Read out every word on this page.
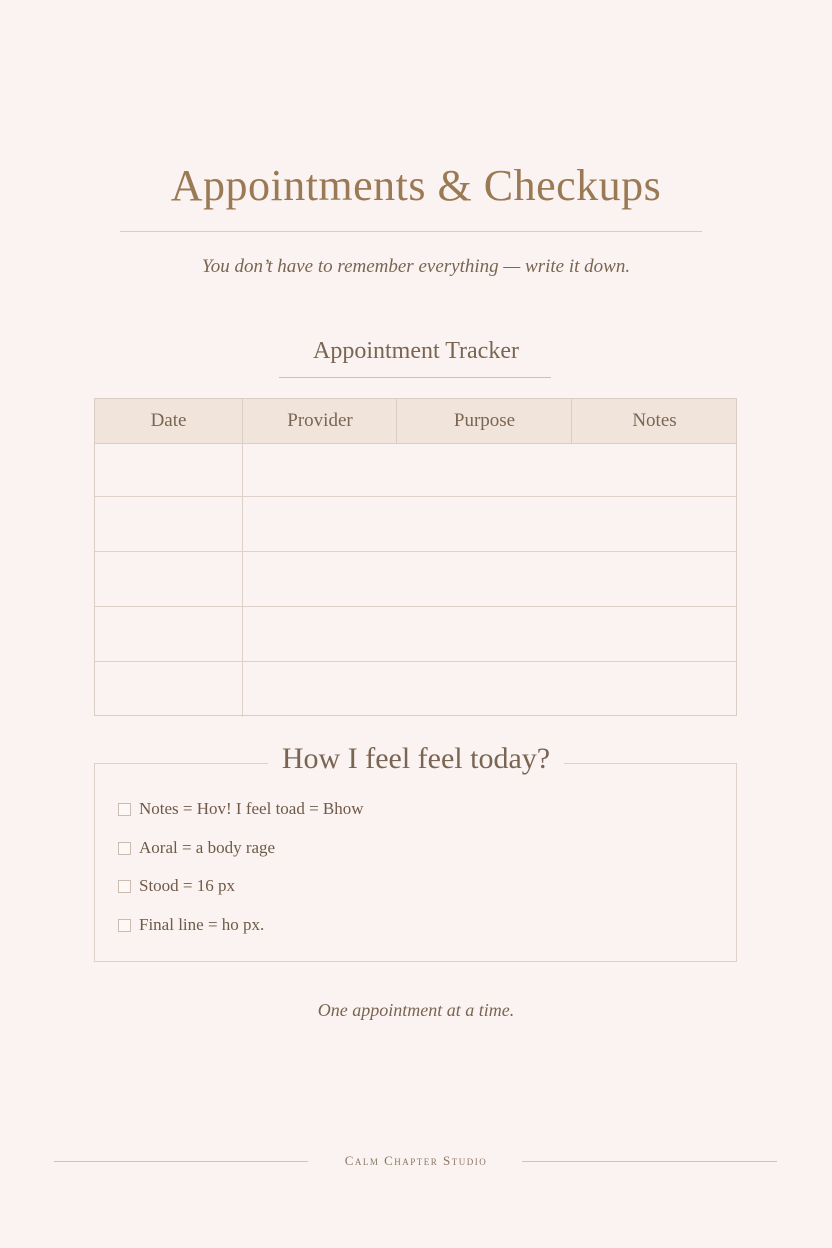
Appointments & Checkups
You don’t have to remember everything — write it down.
Appointment Tracker
Date	Provider	Purpose	Notes
How I feel feel today?
Notes = Hov! I feel toad = Bhow
Aoral = a body rage
Stood = 16 px
Final line = ho px.
One appointment at a time.
Calm Chapter Studio
